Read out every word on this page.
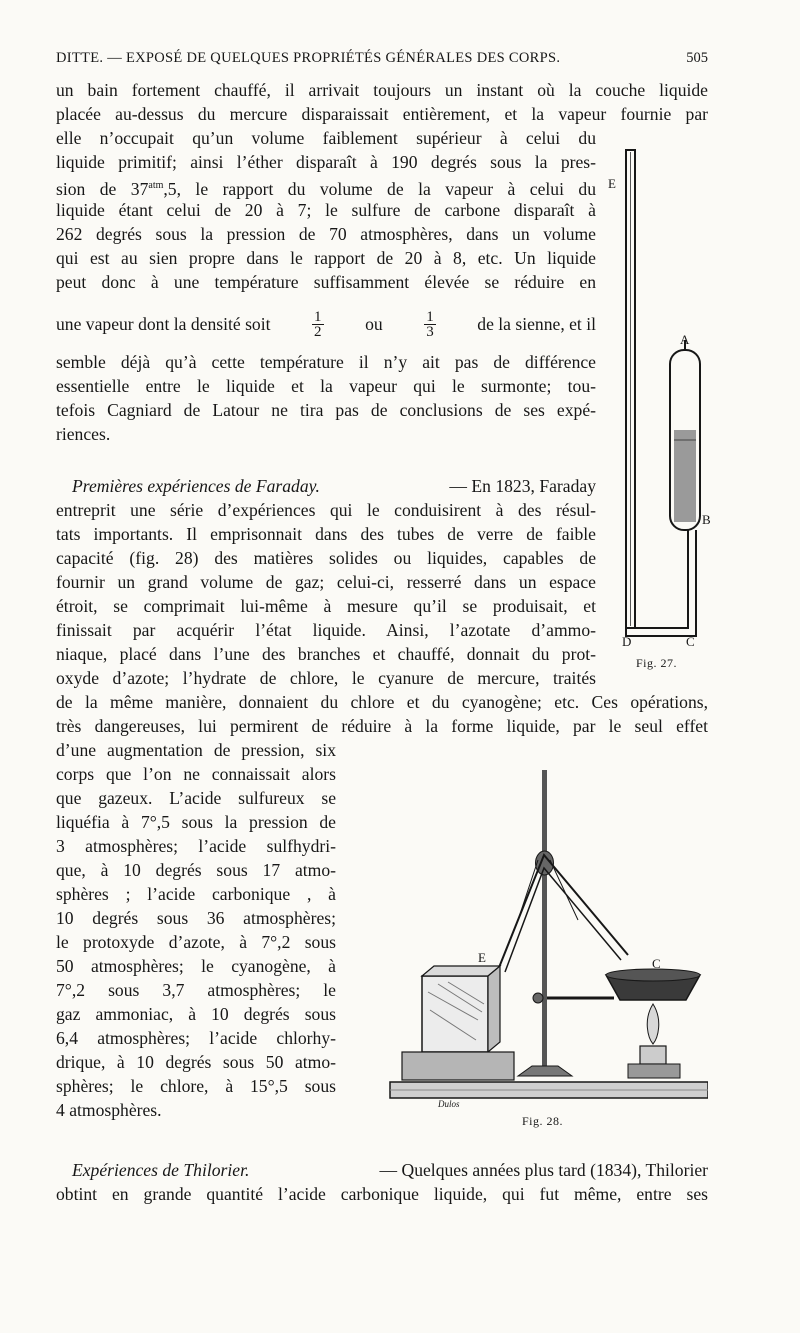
DITTE. — EXPOSÉ DE QUELQUES PROPRIÉTÉS GÉNÉRALES DES CORPS.	505
un bain fortement chauffé, il arrivait toujours un instant où la couche liquide
placée au-dessus du mercure disparaissait entièrement, et la vapeur fournie par
elle n’occupait qu’un volume faiblement supérieur à celui du
liquide primitif; ainsi l’éther disparaît à 190 degrés sous la pres-
sion de $37^{atm},5$, le rapport du volume de la vapeur à celui du
liquide étant celui de 20 à 7; le sulfure de carbone disparaît à
262 degrés sous la pression de 70 atmosphères, dans un volume
qui est au sien propre dans le rapport de 20 à 8, etc. Un liquide
peut donc à une température suffisamment élevée se réduire en
une vapeur dont la densité soit	$\frac{1}{2}$ ou	$\frac{1}{3}$ de la sienne, et il
semble déjà qu’à cette température il n’y ait pas de différence
essentielle entre le liquide et la vapeur qui le surmonte; tou-
tefois Cagniard de Latour ne tira pas de conclusions de ses expé-
riences.
Premières expériences de Faraday.	— En 1823, Faraday
entreprit une série d’expériences qui le conduisirent à des résul-
tats importants. Il emprisonnait dans des tubes de verre de faible
capacité (fig. 28) des matières solides ou liquides, capables de
fournir un grand volume de gaz; celui-ci, resserré dans un espace
étroit, se comprimait lui-même à mesure qu’il se produisait, et
finissait par acquérir l’état liquide. Ainsi, l’azotate d’ammo-
niaque, placé dans l’une des branches et chauffé, donnait du prot-
oxyde d’azote; l’hydrate de chlore, le cyanure de mercure, traités
de la même manière, donnaient du chlore et du cyanogène; etc. Ces opérations,
très dangereuses, lui permirent de réduire à la forme liquide, par le seul effet
d’une augmentation de pression, six
corps que l’on ne connaissait alors
que gazeux. L’acide sulfureux se
liquéfia à 7°,5 sous la pression de
3 atmosphères; l’acide sulfhydri-
que, à 10 degrés sous 17 atmo-
sphères ; l’acide carbonique , à
10 degrés sous 36 atmosphères;
le protoxyde d’azote, à 7°,2 sous
50 atmosphères; le cyanogène, à
7°,2 sous 3,7 atmosphères; le
gaz ammoniac, à 10 degrés sous
6,4 atmosphères; l’acide chlorhy-
drique, à 10 degrés sous 50 atmo-
sphères; le chlore, à 15°,5 sous
4 atmosphères.
Expériences de Thilorier.	— Quelques années plus tard (1834), Thilorier
obtint en grande quantité l’acide carbonique liquide, qui fut même, entre ses
E
A
B
D	C
Fig. 27.
E	C
Dulos
Fig. 28.
